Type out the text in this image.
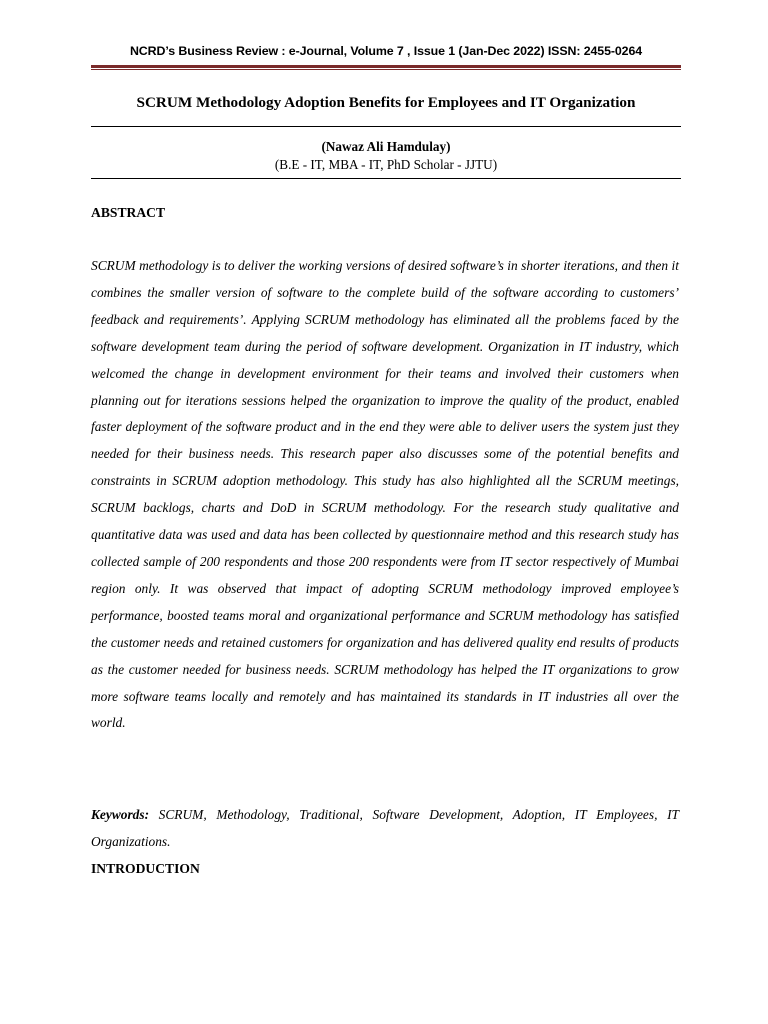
NCRD’s Business Review : e-Journal, Volume 7 , Issue 1 (Jan-Dec 2022) ISSN: 2455-0264
SCRUM Methodology Adoption Benefits for Employees and IT Organization
(Nawaz Ali Hamdulay)
(B.E - IT, MBA - IT, PhD Scholar - JJTU)
ABSTRACT

SCRUM methodology is to deliver the working versions of desired software’s in shorter iterations, and then it combines the smaller version of software to the complete build of the software according to customers’ feedback and requirements’. Applying SCRUM methodology has eliminated all the problems faced by the software development team during the period of software development. Organization in IT industry, which welcomed the change in development environment for their teams and involved their customers when planning out for iterations sessions helped the organization to improve the quality of the product, enabled faster deployment of the software product and in the end they were able to deliver users the system just they needed for their business needs. This research paper also discusses some of the potential benefits and constraints in SCRUM adoption methodology. This study has also highlighted all the SCRUM meetings, SCRUM backlogs, charts and DoD in SCRUM methodology. For the research study qualitative and quantitative data was used and data has been collected by questionnaire method and this research study has collected sample of 200 respondents and those 200 respondents were from IT sector respectively of Mumbai region only. It was observed that impact of adopting SCRUM methodology improved employee’s performance, boosted teams moral and organizational performance and SCRUM methodology has satisfied the customer needs and retained customers for organization and has delivered quality end results of products as the customer needed for business needs. SCRUM methodology has helped the IT organizations to grow more software teams locally and remotely and has maintained its standards in IT industries all over the world.

Keywords: SCRUM, Methodology, Traditional, Software Development, Adoption, IT Employees, IT Organizations.

INTRODUCTION
